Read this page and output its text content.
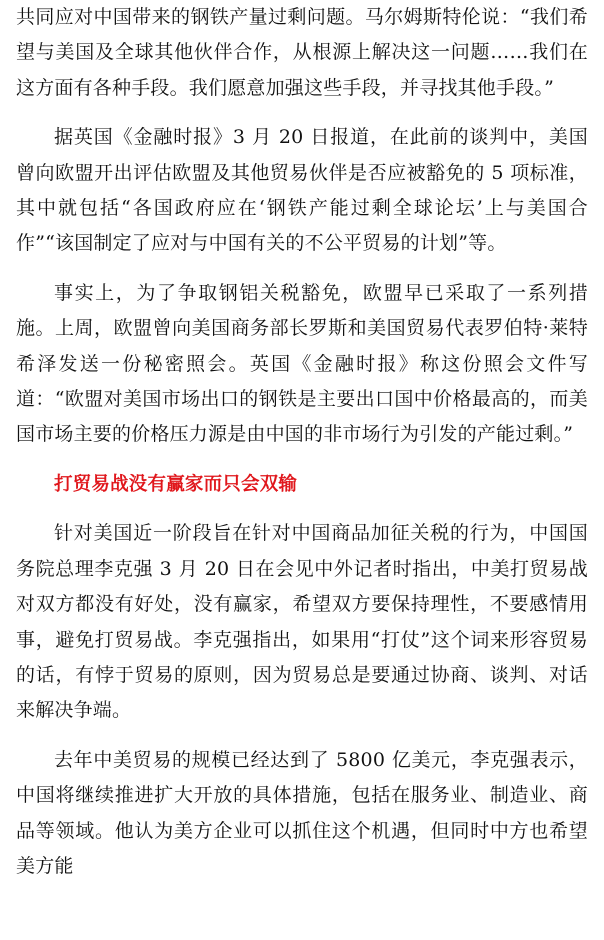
共同应对中国带来的钢铁产量过剩问题。马尔姆斯特伦说：“我们希望与美国及全球其他伙伴合作，从根源上解决这一问题……我们在这方面有各种手段。我们愿意加强这些手段，并寻找其他手段。”

据英国《金融时报》3 月 20 日报道，在此前的谈判中，美国曾向欧盟开出评估欧盟及其他贸易伙伴是否应被豁免的 5 项标准，其中就包括“各国政府应在‘钢铁产能过剩全球论坛’上与美国合作”“该国制定了应对与中国有关的不公平贸易的计划”等。

事实上，为了争取钢铝关税豁免，欧盟早已采取了一系列措施。上周，欧盟曾向美国商务部长罗斯和美国贸易代表罗伯特·莱特希泽发送一份秘密照会。英国《金融时报》称这份照会文件写道：“欧盟对美国市场出口的钢铁是主要出口国中价格最高的，而美国市场主要的价格压力源是由中国的非市场行为引发的产能过剩。”

打贸易战没有赢家而只会双输

针对美国近一阶段旨在针对中国商品加征关税的行为，中国国务院总理李克强 3 月 20 日在会见中外记者时指出，中美打贸易战对双方都没有好处，没有赢家，希望双方要保持理性，不要感情用事，避免打贸易战。李克强指出，如果用“打仗”这个词来形容贸易的话，有悖于贸易的原则，因为贸易总是要通过协商、谈判、对话来解决争端。

去年中美贸易的规模已经达到了 5800 亿美元，李克强表示，中国将继续推进扩大开放的具体措施，包括在服务业、制造业、商品等领域。他认为美方企业可以抓住这个机遇，但同时中方也希望美方能
